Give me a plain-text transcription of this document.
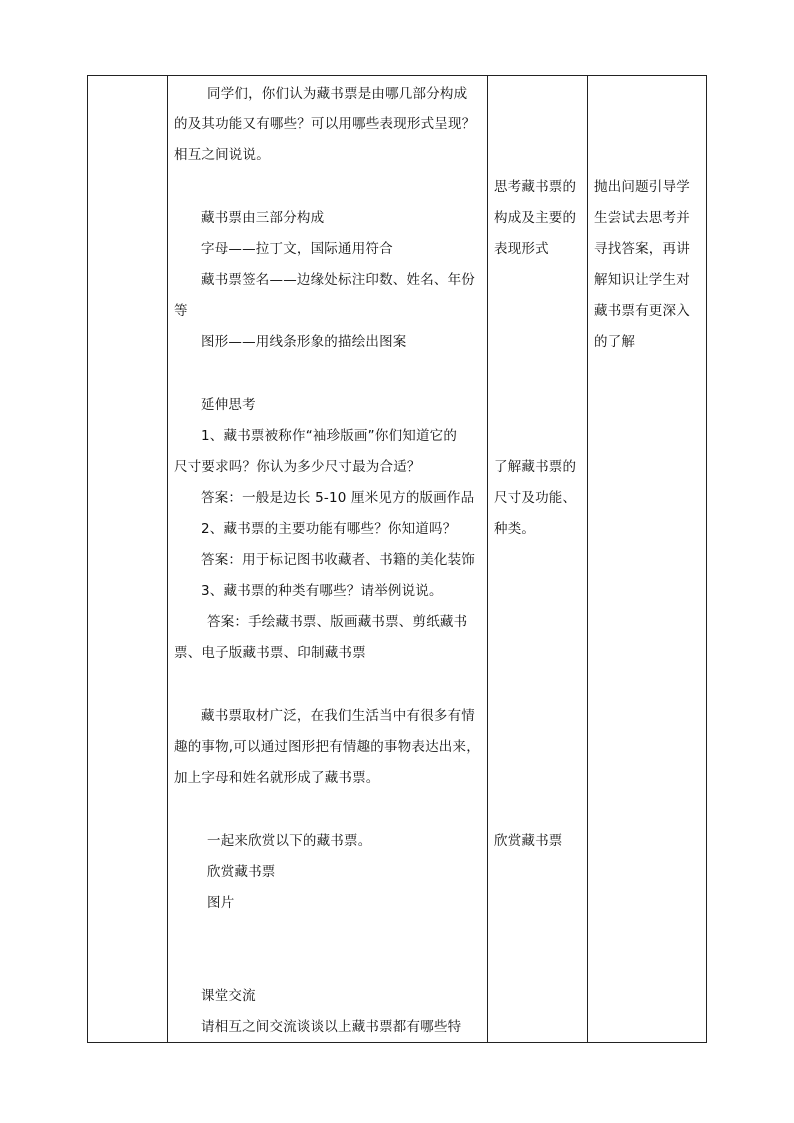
同学们，你们认为藏书票是由哪几部分构成
的及其功能又有哪些？可以用哪些表现形式呈现？
相互之间说说。
藏书票由三部分构成
字母——拉丁文，国际通用符合
藏书票签名——边缘处标注印数、姓名、年份
等
图形——用线条形象的描绘出图案
延伸思考
1、藏书票被称作“袖珍版画”你们知道它的
尺寸要求吗？你认为多少尺寸最为合适？
答案：一般是边长 5-10 厘米见方的版画作品
2、藏书票的主要功能有哪些？你知道吗？
答案：用于标记图书收藏者、书籍的美化装饰
3、藏书票的种类有哪些？请举例说说。
答案：手绘藏书票、版画藏书票、剪纸藏书
票、电子版藏书票、印制藏书票
藏书票取材广泛，在我们生活当中有很多有情
趣的事物,可以通过图形把有情趣的事物表达出来，
加上字母和姓名就形成了藏书票。
一起来欣赏以下的藏书票。
欣赏藏书票
图片
课堂交流
请相互之间交流谈谈以上藏书票都有哪些特
思考藏书票的
构成及主要的
表现形式
了解藏书票的
尺寸及功能、
种类。
欣赏藏书票
抛出问题引导学
生尝试去思考并
寻找答案，再讲
解知识让学生对
藏书票有更深入
的了解
